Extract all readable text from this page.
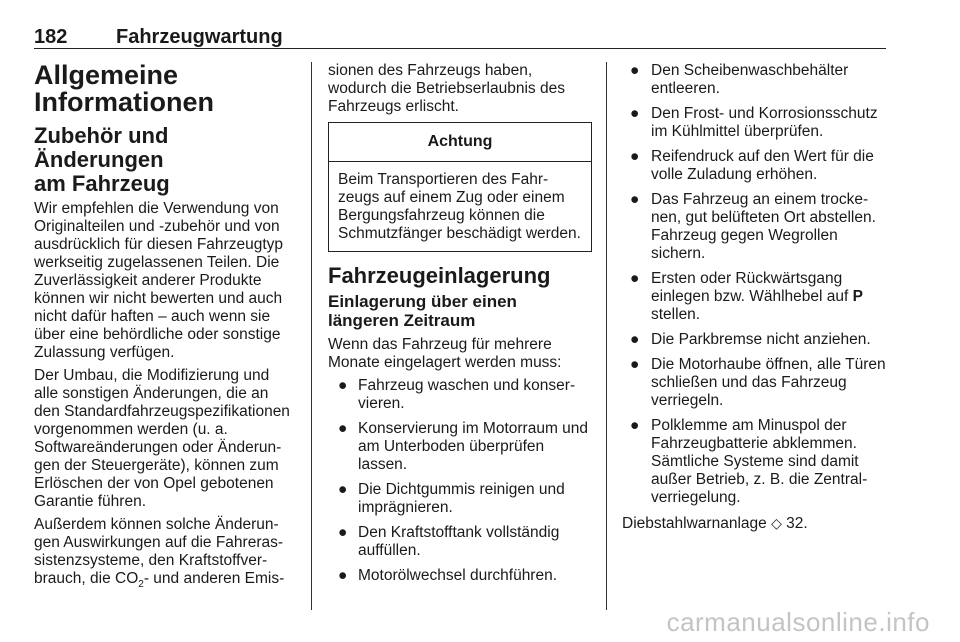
182 Fahrzeugwartung
Allgemeine
Informationen
Zubehör und Änderungen
am Fahrzeug

Wir empfehlen die Verwendung von Originalteilen und -zubehör und von ausdrücklich für diesen Fahrzeugtyp werkseitig zugelassenen Teilen. Die Zuverlässigkeit anderer Produkte können wir nicht bewerten und auch nicht dafür haften – auch wenn sie über eine behördliche oder sonstige Zulassung verfügen.

Der Umbau, die Modifizierung und alle sonstigen Änderungen, die an den Standardfahrzeugspezifikationen vorgenommen werden (u. a. Softwareänderungen oder Änderungen der Steuergeräte), können zum Erlöschen der von Opel gebotenen Garantie führen.

Außerdem können solche Änderungen Auswirkungen auf die Fahrerassistenzsysteme, den Kraftstoffverbrauch, die $CO_2-$ und anderen Emis-

sionen des Fahrzeugs haben, wodurch die Betriebserlaubnis des Fahrzeugs erlischt.

Achtung
Beim Transportieren des Fahrzeugs auf einem Zug oder einem Bergungsfahrzeug können die Schmutzfänger beschädigt werden.
Fahrzeugeinlagerung
Einlagerung über einen längeren Zeitraum

Wenn das Fahrzeug für mehrere Monate eingelagert werden muss:

● Fahrzeug waschen und konservieren.
● Konservierung im Motorraum und am Unterboden überprüfen lassen.
● Die Dichtgummis reinigen und imprägnieren.
● Den Kraftstofftank vollständig auffüllen.
● Motorölwechsel durchführen.
● Den Scheibenwaschbehälter entleeren.
● Den Frost- und Korrosionsschutz im Kühlmittel überprüfen.
● Reifendruck auf den Wert für die volle Zuladung erhöhen.
● Das Fahrzeug an einem trockenen, gut belüfteten Ort abstellen. Fahrzeug gegen Wegrollen sichern.
● Ersten oder Rückwärtsgang einlegen bzw. Wählhebel auf P stellen.
● Die Parkbremse nicht anziehen.
● Die Motorhaube öffnen, alle Türen schließen und das Fahrzeug verriegeln.
● Polklemme am Minuspol der Fahrzeugbatterie abklemmen. Sämtliche Systeme sind damit außer Betrieb, z. B. die Zentralverriegelung.

Diebstahlwarnanlage ◇ 32.

carmanualsonline.info
